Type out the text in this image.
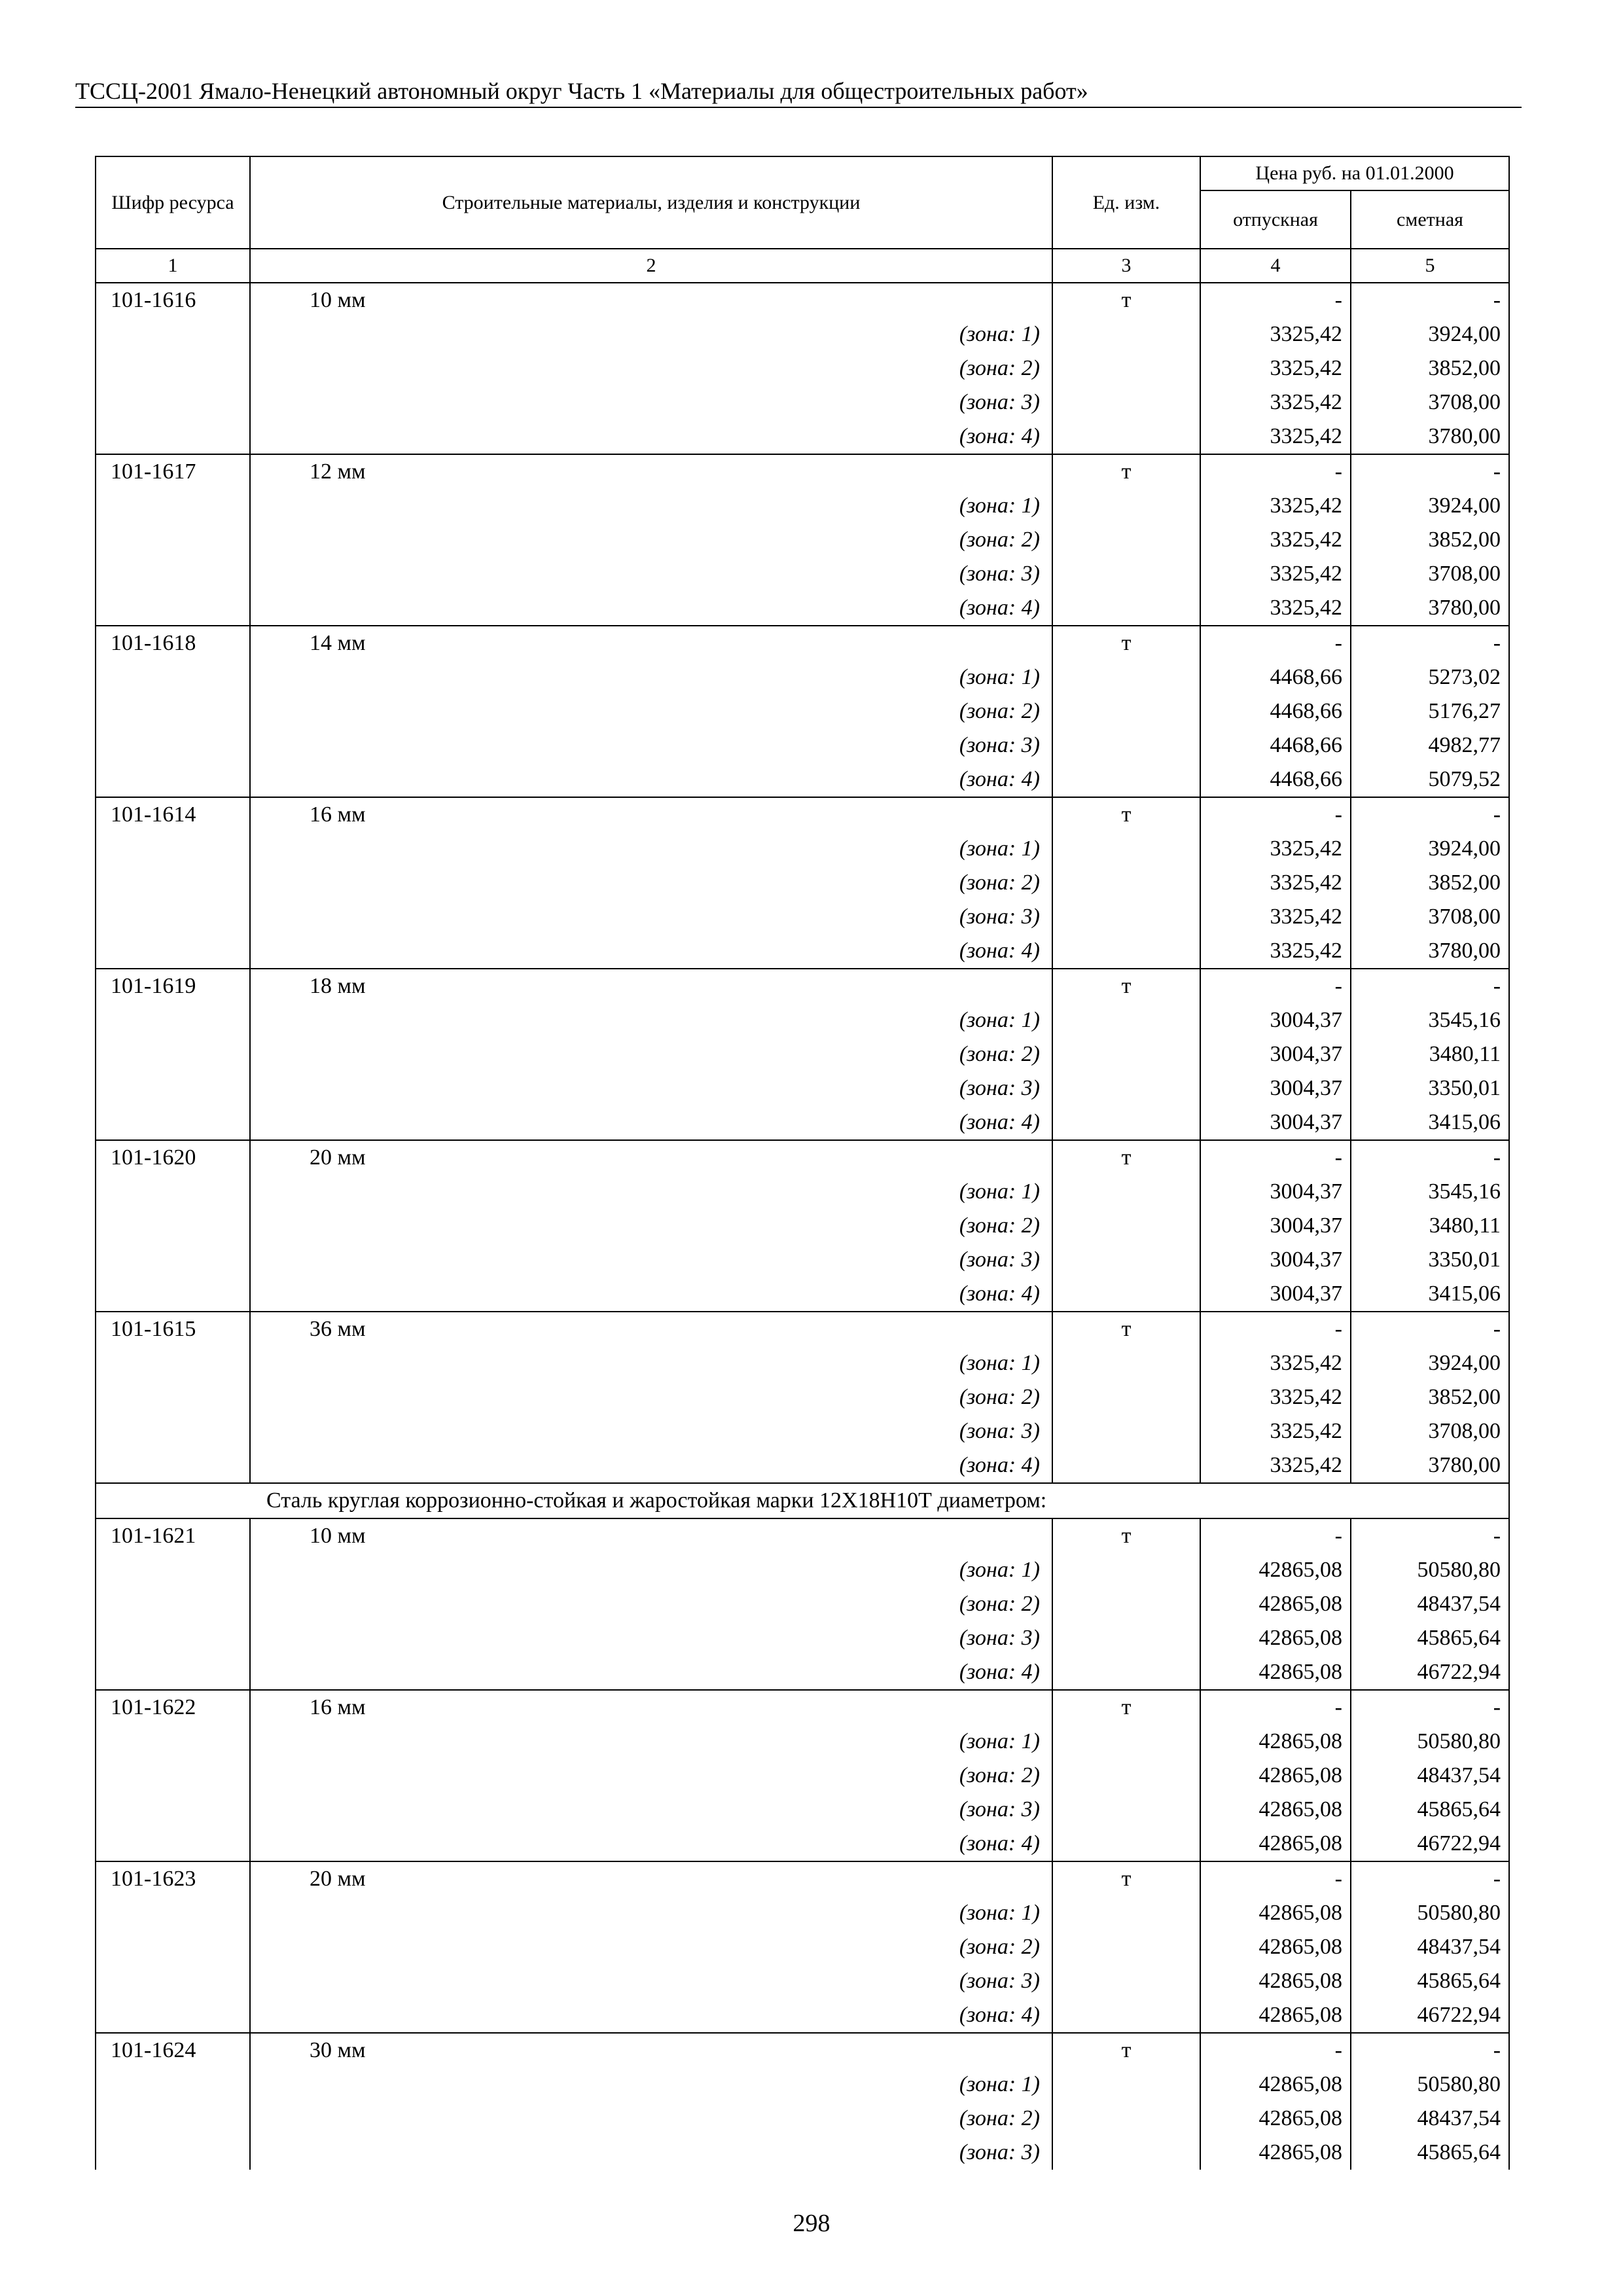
ТССЦ-2001 Ямало-Ненецкий автономный округ Часть 1 «Материалы для общестроительных работ»
Шифр ресурса	Строительные материалы, изделия и конструкции	Ед. изм.	Цена руб. на 01.01.2000	
			отпускная	сметная
1	2	3	4	5
101-1616	10 мм	т	-	-
	(зона: 1)		3325,42	3924,00
	(зона: 2)		3325,42	3852,00
	(зона: 3)		3325,42	3708,00
	(зона: 4)		3325,42	3780,00
101-1617	12 мм	т	-	-
	(зона: 1)		3325,42	3924,00
	(зона: 2)		3325,42	3852,00
	(зона: 3)		3325,42	3708,00
	(зона: 4)		3325,42	3780,00
101-1618	14 мм	т	-	-
	(зона: 1)		4468,66	5273,02
	(зона: 2)		4468,66	5176,27
	(зона: 3)		4468,66	4982,77
	(зона: 4)		4468,66	5079,52
101-1614	16 мм	т	-	-
	(зона: 1)		3325,42	3924,00
	(зона: 2)		3325,42	3852,00
	(зона: 3)		3325,42	3708,00
	(зона: 4)		3325,42	3780,00
101-1619	18 мм	т	-	-
	(зона: 1)		3004,37	3545,16
	(зона: 2)		3004,37	3480,11
	(зона: 3)		3004,37	3350,01
	(зона: 4)		3004,37	3415,06
101-1620	20 мм	т	-	-
	(зона: 1)		3004,37	3545,16
	(зона: 2)		3004,37	3480,11
	(зона: 3)		3004,37	3350,01
	(зона: 4)		3004,37	3415,06
101-1615	36 мм	т	-	-
	(зона: 1)		3325,42	3924,00
	(зона: 2)		3325,42	3852,00
	(зона: 3)		3325,42	3708,00
	(зона: 4)		3325,42	3780,00
	Сталь круглая коррозионно-стойкая и жаростойкая марки 12Х18Н10Т диаметром:			
101-1621	10 мм	т	-	-
	(зона: 1)		42865,08	50580,80
	(зона: 2)		42865,08	48437,54
	(зона: 3)		42865,08	45865,64
	(зона: 4)		42865,08	46722,94
101-1622	16 мм	т	-	-
	(зона: 1)		42865,08	50580,80
	(зона: 2)		42865,08	48437,54
	(зона: 3)		42865,08	45865,64
	(зона: 4)		42865,08	46722,94
101-1623	20 мм	т	-	-
	(зона: 1)		42865,08	50580,80
	(зона: 2)		42865,08	48437,54
	(зона: 3)		42865,08	45865,64
	(зона: 4)		42865,08	46722,94
101-1624	30 мм	т	-	-
	(зона: 1)		42865,08	50580,80
	(зона: 2)		42865,08	48437,54
	(зона: 3)		42865,08	45865,64
298
